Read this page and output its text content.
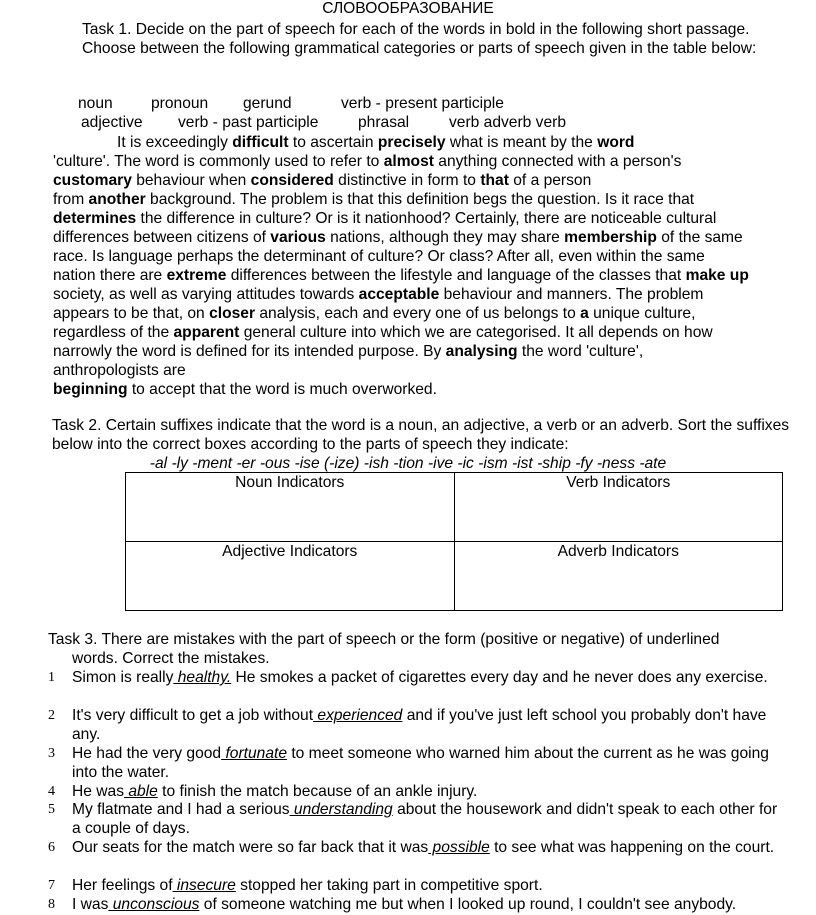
СЛОВООБРАЗОВАНИЕ
Task 1. Decide on the part of speech for each of the words in bold in the following short passage. Choose between the following grammatical categories or parts of speech given in the table below:
noun pronoun gerund	verb - present participle
adjective verb - past participle	phrasal	verb adverb verb
It is exceedingly difficult to ascertain precisely what is meant by the word
'culture'. The word is commonly used to refer to almost anything connected with a person's
customary behaviour when considered distinctive in form to that of a person
from another background. The problem is that this definition begs the question. Is it race that
determines the difference in culture? Or is it nationhood? Certainly, there are noticeable cultural
differences between citizens of various nations, although they may share membership of the same
race. Is language perhaps the determinant of culture? Or class? After all, even within the same
nation there are extreme differences between the lifestyle and language of the classes that make up
society, as well as varying attitudes towards acceptable behaviour and manners. The problem
appears to be that, on closer analysis, each and every one of us belongs to a unique culture,
regardless of the apparent general culture into which we are categorised. It all depends on how
narrowly the word is defined for its intended purpose. By analysing the word 'culture',
anthropologists are
beginning to accept that the word is much overworked.
Task 2. Certain suffixes indicate that the word is a noun, an adjective, a verb or an adverb. Sort the suffixes below into the correct boxes according to the parts of speech they indicate:
-al -ly -ment -er -ous -ise (-ize) -ish -tion -ive -ic -ism -ist -ship -fy -ness -ate
Noun Indicators	Verb Indicators
Adjective Indicators	Adverb Indicators
Task 3. There are mistakes with the part of speech or the form (positive or negative) of underlined
words. Correct the mistakes.
1	Simon is really healthy. He smokes a packet of cigarettes every day and he never does any exercise.
2	It's very difficult to get a job without experienced and if you've just left school you probably don't have any.
3	He had the very good fortunate to meet someone who warned him about the current as he was going into the water.
4	He was able to finish the match because of an ankle injury.
5	My flatmate and I had a serious understanding about the housework and didn't speak to each other for a couple of days.
6	Our seats for the match were so far back that it was possible to see what was happening on the court.
7	Her feelings of insecure stopped her taking part in competitive sport.
8	I was unconscious of someone watching me but when I looked up round, I couldn't see anybody.
